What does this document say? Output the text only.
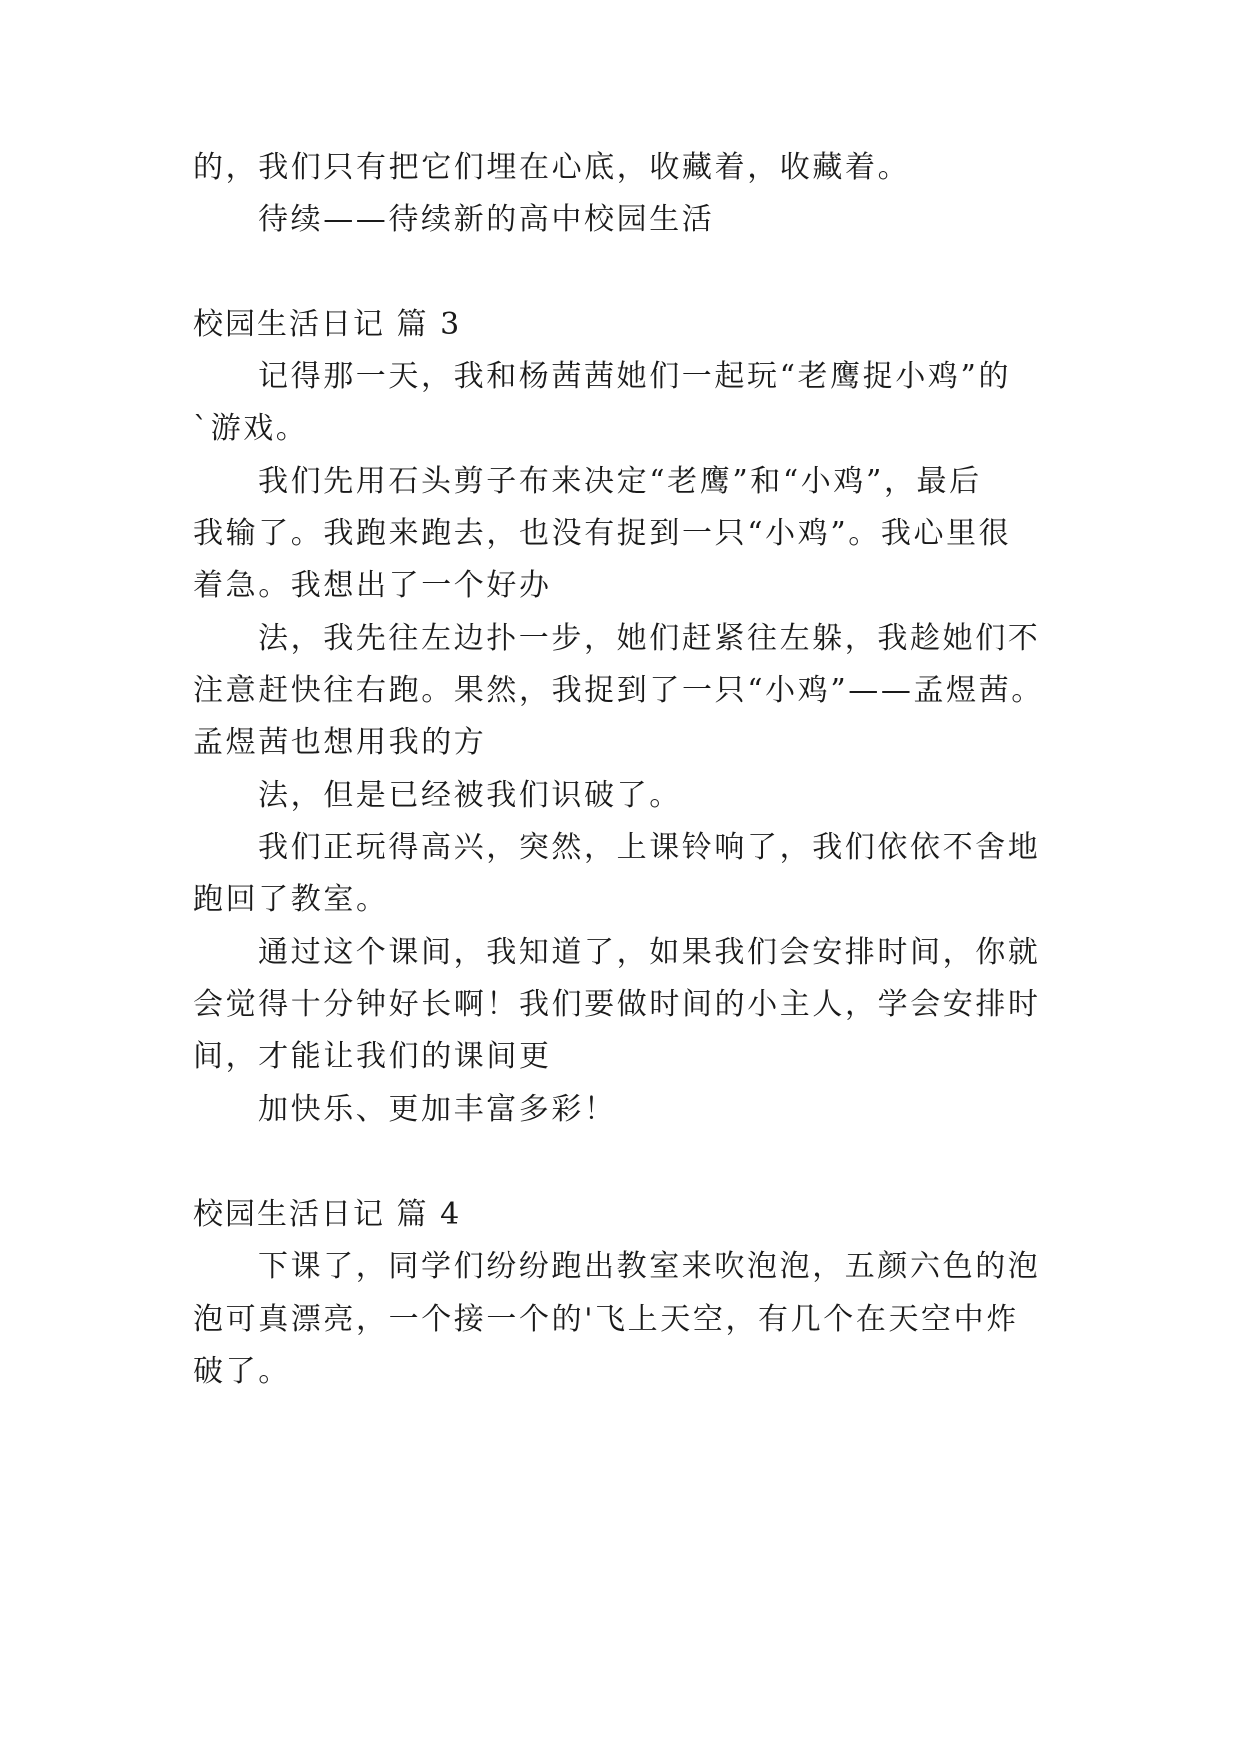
的，我们只有把它们埋在心底，收藏着，收藏着。
待续——待续新的高中校园生活
校园生活日记 篇 3
记得那一天，我和杨茜茜她们一起玩“老鹰捉小鸡”的
`游戏。
我们先用石头剪子布来决定“老鹰”和“小鸡”，最后
我输了。我跑来跑去，也没有捉到一只“小鸡”。我心里很
着急。我想出了一个好办
法，我先往左边扑一步，她们赶紧往左躲，我趁她们不
注意赶快往右跑。果然，我捉到了一只“小鸡”——孟煜茜。
孟煜茜也想用我的方
法，但是已经被我们识破了。
我们正玩得高兴，突然，上课铃响了，我们依依不舍地
跑回了教室。
通过这个课间，我知道了，如果我们会安排时间，你就
会觉得十分钟好长啊！我们要做时间的小主人，学会安排时
间，才能让我们的课间更
加快乐、更加丰富多彩！
校园生活日记 篇 4
下课了，同学们纷纷跑出教室来吹泡泡，五颜六色的泡
泡可真漂亮，一个接一个的'飞上天空，有几个在天空中炸
破了。
